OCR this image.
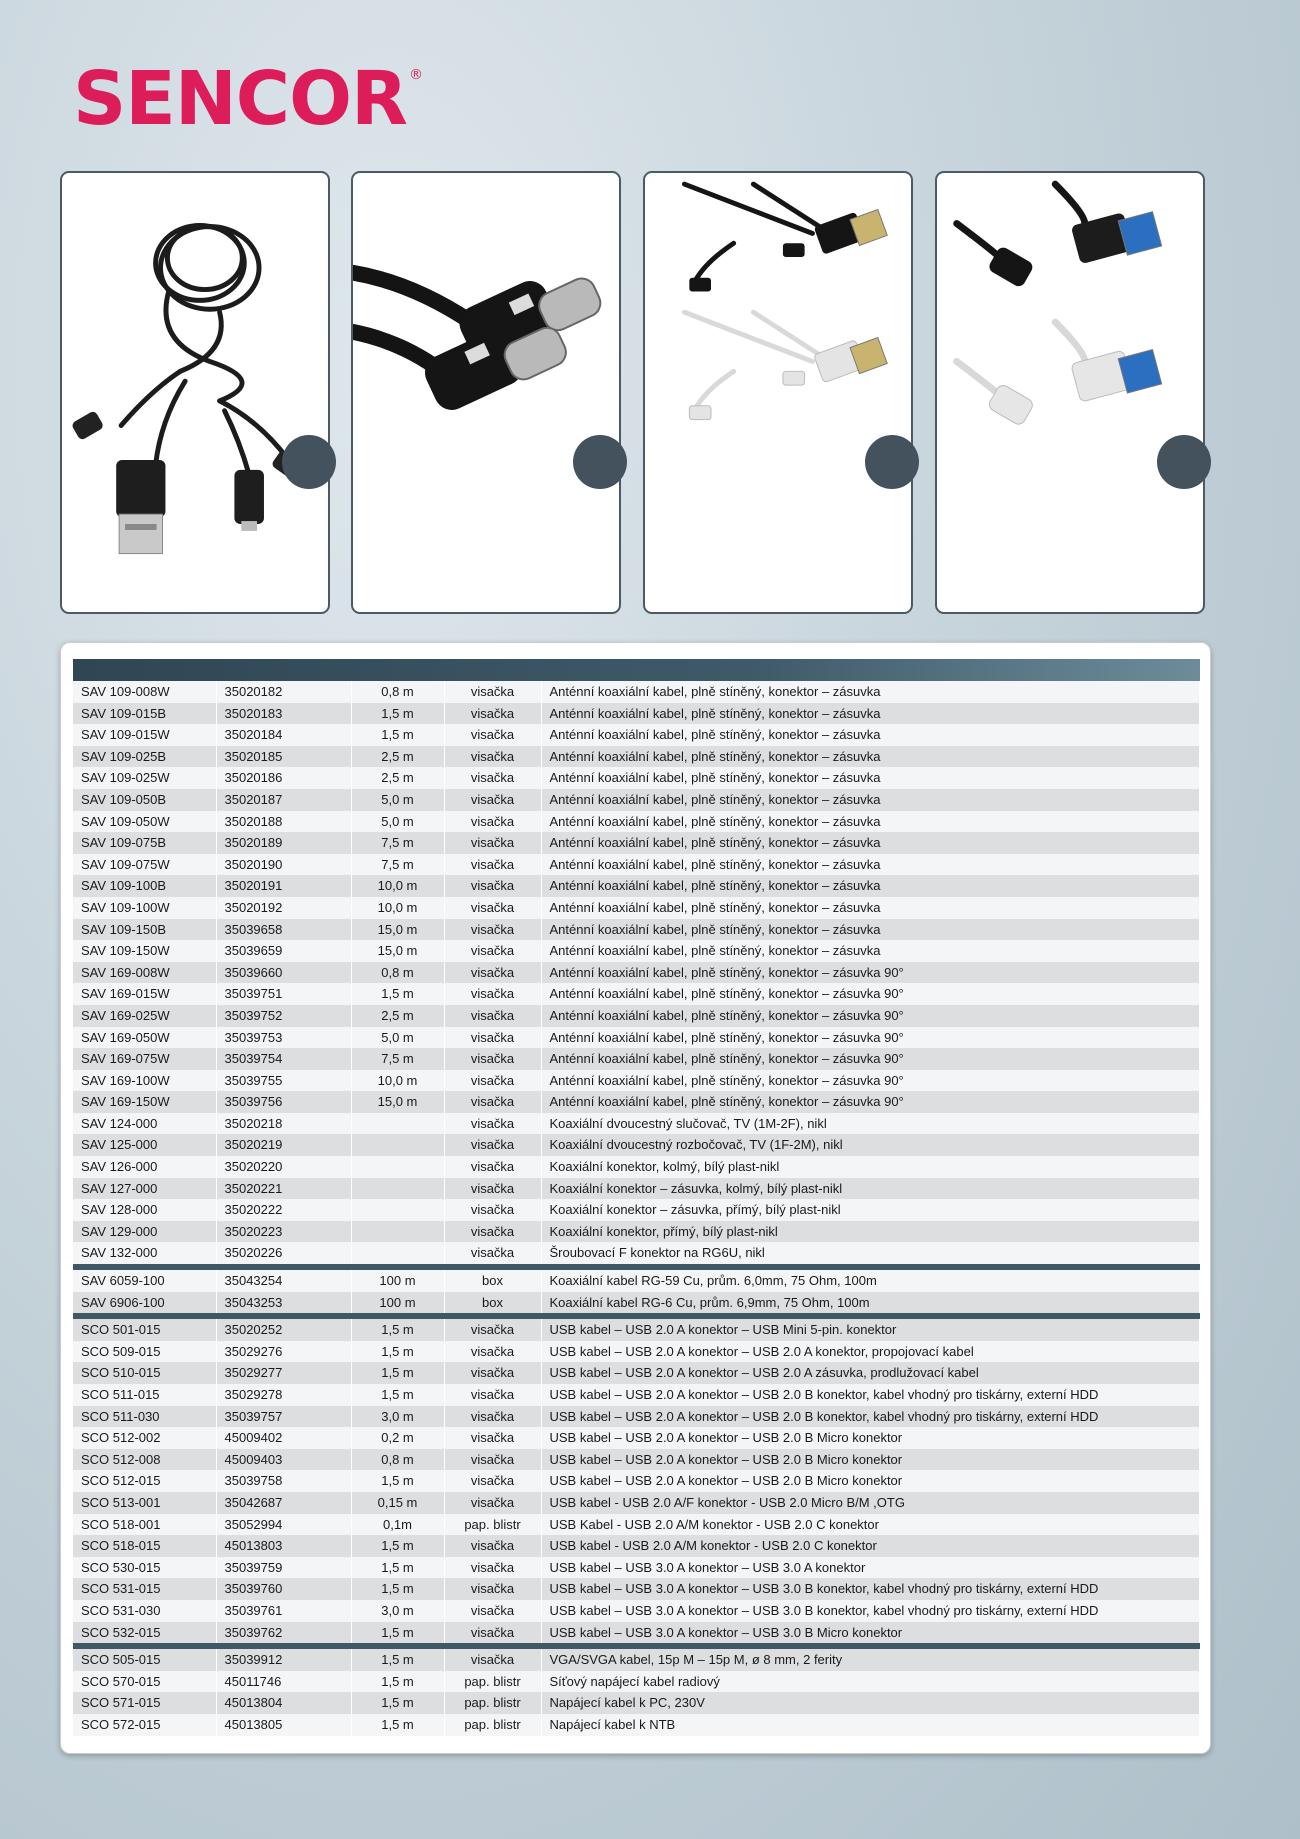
SENCOR ®
SAV 109-008W	35020182	0,8 m	visačka	Anténní koaxiální kabel, plně stíněný, konektor – zásuvka
SAV 109-015B	35020183	1,5 m	visačka	Anténní koaxiální kabel, plně stíněný, konektor – zásuvka
SAV 109-015W	35020184	1,5 m	visačka	Anténní koaxiální kabel, plně stíněný, konektor – zásuvka
SAV 109-025B	35020185	2,5 m	visačka	Anténní koaxiální kabel, plně stíněný, konektor – zásuvka
SAV 109-025W	35020186	2,5 m	visačka	Anténní koaxiální kabel, plně stíněný, konektor – zásuvka
SAV 109-050B	35020187	5,0 m	visačka	Anténní koaxiální kabel, plně stíněný, konektor – zásuvka
SAV 109-050W	35020188	5,0 m	visačka	Anténní koaxiální kabel, plně stíněný, konektor – zásuvka
SAV 109-075B	35020189	7,5 m	visačka	Anténní koaxiální kabel, plně stíněný, konektor – zásuvka
SAV 109-075W	35020190	7,5 m	visačka	Anténní koaxiální kabel, plně stíněný, konektor – zásuvka
SAV 109-100B	35020191	10,0 m	visačka	Anténní koaxiální kabel, plně stíněný, konektor – zásuvka
SAV 109-100W	35020192	10,0 m	visačka	Anténní koaxiální kabel, plně stíněný, konektor – zásuvka
SAV 109-150B	35039658	15,0 m	visačka	Anténní koaxiální kabel, plně stíněný, konektor – zásuvka
SAV 109-150W	35039659	15,0 m	visačka	Anténní koaxiální kabel, plně stíněný, konektor – zásuvka
SAV 169-008W	35039660	0,8 m	visačka	Anténní koaxiální kabel, plně stíněný, konektor – zásuvka 90°
SAV 169-015W	35039751	1,5 m	visačka	Anténní koaxiální kabel, plně stíněný, konektor – zásuvka 90°
SAV 169-025W	35039752	2,5 m	visačka	Anténní koaxiální kabel, plně stíněný, konektor – zásuvka 90°
SAV 169-050W	35039753	5,0 m	visačka	Anténní koaxiální kabel, plně stíněný, konektor – zásuvka 90°
SAV 169-075W	35039754	7,5 m	visačka	Anténní koaxiální kabel, plně stíněný, konektor – zásuvka 90°
SAV 169-100W	35039755	10,0 m	visačka	Anténní koaxiální kabel, plně stíněný, konektor – zásuvka 90°
SAV 169-150W	35039756	15,0 m	visačka	Anténní koaxiální kabel, plně stíněný, konektor – zásuvka 90°
SAV 124-000	35020218		visačka	Koaxiální dvoucestný slučovač, TV (1M-2F), nikl
SAV 125-000	35020219		visačka	Koaxiální dvoucestný rozbočovač, TV (1F-2M), nikl
SAV 126-000	35020220		visačka	Koaxiální konektor, kolmý, bílý plast-nikl
SAV 127-000	35020221		visačka	Koaxiální konektor – zásuvka, kolmý, bílý plast-nikl
SAV 128-000	35020222		visačka	Koaxiální konektor – zásuvka, přímý, bílý plast-nikl
SAV 129-000	35020223		visačka	Koaxiální konektor, přímý, bílý plast-nikl
SAV 132-000	35020226		visačka	Šroubovací F konektor na RG6U, nikl

SAV 6059-100	35043254	100 m	box	Koaxiální kabel RG-59 Cu, prům. 6,0mm, 75 Ohm, 100m
SAV 6906-100	35043253	100 m	box	Koaxiální kabel RG-6 Cu, prům. 6,9mm, 75 Ohm, 100m

SCO 501-015	35020252	1,5 m	visačka	USB kabel – USB 2.0 A konektor – USB Mini 5-pin. konektor
SCO 509-015	35029276	1,5 m	visačka	USB kabel – USB 2.0 A konektor – USB 2.0 A konektor, propojovací kabel
SCO 510-015	35029277	1,5 m	visačka	USB kabel – USB 2.0 A konektor – USB 2.0 A zásuvka, prodlužovací kabel
SCO 511-015	35029278	1,5 m	visačka	USB kabel – USB 2.0 A konektor – USB 2.0 B konektor, kabel vhodný pro tiskárny, externí HDD
SCO 511-030	35039757	3,0 m	visačka	USB kabel – USB 2.0 A konektor – USB 2.0 B konektor, kabel vhodný pro tiskárny, externí HDD
SCO 512-002	45009402	0,2 m	visačka	USB kabel – USB 2.0 A konektor – USB 2.0 B Micro konektor
SCO 512-008	45009403	0,8 m	visačka	USB kabel – USB 2.0 A konektor – USB 2.0 B Micro konektor
SCO 512-015	35039758	1,5 m	visačka	USB kabel – USB 2.0 A konektor – USB 2.0 B Micro konektor
SCO 513-001	35042687	0,15 m	visačka	USB kabel - USB 2.0 A/F konektor - USB 2.0 Micro B/M ,OTG
SCO 518-001	35052994	0,1m	pap. blistr	USB Kabel - USB 2.0 A/M konektor - USB 2.0 C konektor
SCO 518-015	45013803	1,5 m	visačka	USB kabel - USB 2.0 A/M konektor - USB 2.0 C konektor
SCO 530-015	35039759	1,5 m	visačka	USB kabel – USB 3.0 A konektor – USB 3.0 A konektor
SCO 531-015	35039760	1,5 m	visačka	USB kabel – USB 3.0 A konektor – USB 3.0 B konektor, kabel vhodný pro tiskárny, externí HDD
SCO 531-030	35039761	3,0 m	visačka	USB kabel – USB 3.0 A konektor – USB 3.0 B konektor, kabel vhodný pro tiskárny, externí HDD
SCO 532-015	35039762	1,5 m	visačka	USB kabel – USB 3.0 A konektor – USB 3.0 B Micro konektor

SCO 505-015	35039912	1,5 m	visačka	VGA/SVGA kabel, 15p M – 15p M, ø 8 mm, 2 ferity
SCO 570-015	45011746	1,5 m	pap. blistr	Síťový napájecí kabel radiový
SCO 571-015	45013804	1,5 m	pap. blistr	Napájecí kabel k PC, 230V
SCO 572-015	45013805	1,5 m	pap. blistr	Napájecí kabel k NTB
